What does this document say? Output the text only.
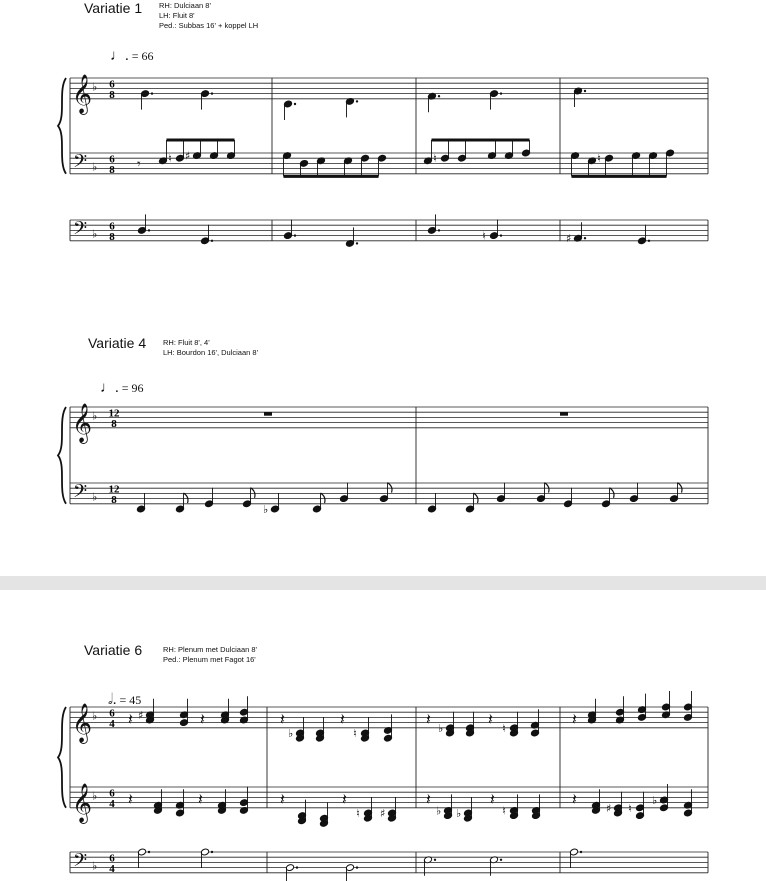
Variatie 1 RH: Dulciaan 8'
LH: Fluit 8'
Ped.: Subbas 16' + koppel LH
♩. = 66
𝄞
𝄢
𝄢
♭
♭
♭
6
8
6
8
6
8
𝄾 ♮ ♯	♮	♮
♮	♯
Variatie 4 RH: Fluit 8', 4'
LH: Bourdon 16', Dulciaan 8'
♩. = 96
𝄞
𝄢
♭
♭
12
8
12
8
♭
Variatie 6	RH: Plenum met Dulciaan 8'
Ped.: Plenum met Fagot 16'
𝅗𝅥. = 45
𝄞
𝄞
𝄢
♭
♭
♭
6
4
6
4
6
4
𝄽 ♯	𝄽	𝄽
♭
𝄽
♮
𝄽 ♭	𝄽 ♮	𝄽
𝄽	𝄽	𝄽	𝄽
♮ ♯
𝄽
♭ ♭
𝄽
♮
𝄽	♯ ♮
♭
